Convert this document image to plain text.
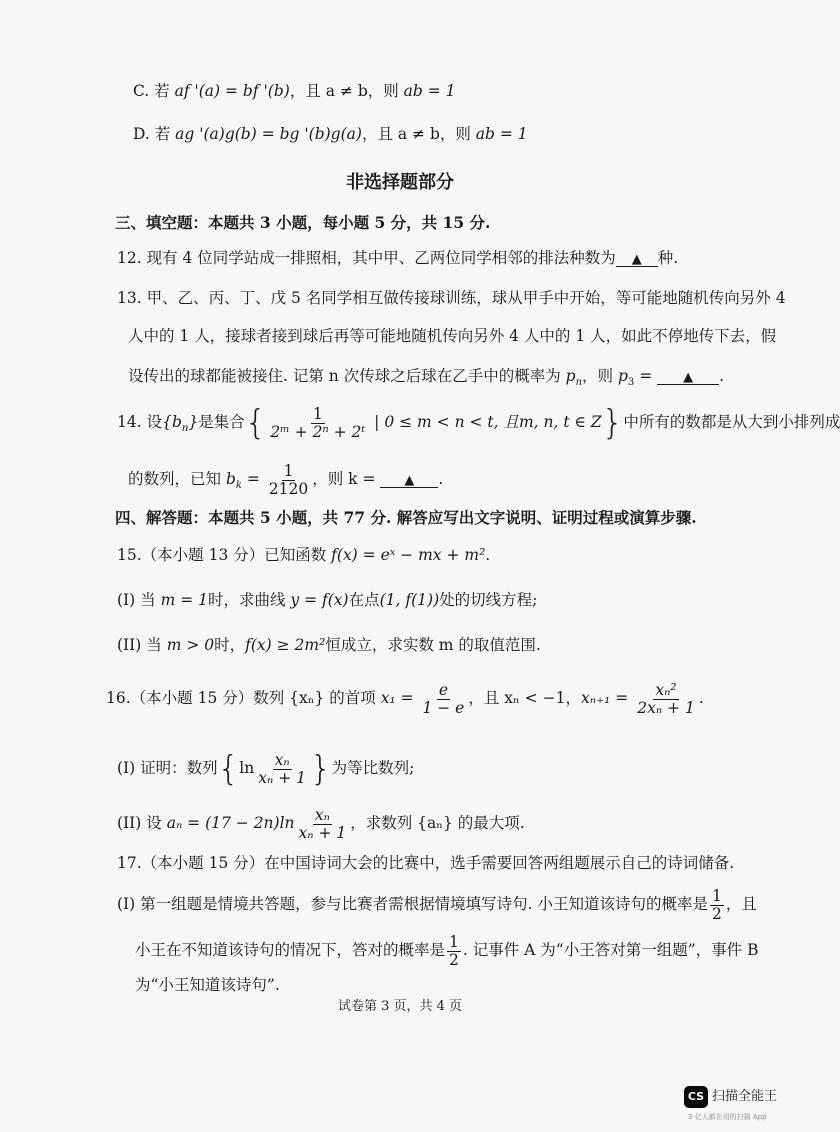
C. 若 af '(a) = bf '(b)，且 a ≠ b，则 ab = 1
D. 若 ag '(a)g(b) = bg '(b)g(a)，且 a ≠ b，则 ab = 1
非选择题部分
三、填空题：本题共 3 小题，每小题 5 分，共 15 分.
12. 现有 4 位同学站成一排照相，其中甲、乙两位同学相邻的排法种数为 ▲ 种.
13. 甲、乙、丙、丁、戊 5 名同学相互做传接球训练，球从甲手中开始，等可能地随机传向另外 4
人中的 1 人，接球者接到球后再等可能地随机传向另外 4 人中的 1 人，如此不停地传下去，假
设传出的球都能被接住. 记第 n 次传球之后球在乙手中的概率为 $p_n$，则 $p_3$ = ▲ .
14. 设$\{b_n\}$是集合{ $\frac{1}{\text{2ᵐ + 2ⁿ + 2ᵗ}}$ | 0 ≤ m < n < t, 且m, n, t ∈ Z}中所有的数都是从大到小排列成
的数列，已知 $b_k = \frac{1}{2120}$ ，则 k = ▲ .
四、解答题：本题共 5 小题，共 77 分. 解答应写出文字说明、证明过程或演算步骤.
15.（本小题 13 分）已知函数 f(x) = eˣ − mx + m².
(I) 当 m = 1时，求曲线 y = f(x)在点(1, f(1))处的切线方程;
(II) 当 m > 0时，f(x) ≥ 2m²恒成立，求实数 m 的取值范围.
16.（本小题 15 分）数列 {xₙ} 的首项 $x_1 = \frac{e}{1 - e}$ ，且 xₙ < −1，$x_{n+1} = \frac{\text{xₙ²}}{\text{2xₙ + 1}}$ .
(I) 证明：数列{$\ln \frac{\text{xₙ}}{\text{xₙ + 1}}$ }为等比数列;
(II) 设 $a_n = (17 - 2n)\ln \frac{\text{xₙ}}{\text{xₙ + 1}}$ ，求数列 {aₙ} 的最大项.
17.（本小题 15 分）在中国诗词大会的比赛中，选手需要回答两组题展示自己的诗词储备.
(I) 第一组题是情境共答题，参与比赛者需根据情境填写诗句. 小王知道该诗句的概率是 $\frac{1}{2}$ ，且
小王在不知道该诗句的情况下，答对的概率是 $\frac{1}{2}$ . 记事件 A 为“小王答对第一组题”，事件 B
为“小王知道该诗句”.
试卷第 3 页，共 4 页
CS 扫描全能王
3 亿人都在用的扫描 App
